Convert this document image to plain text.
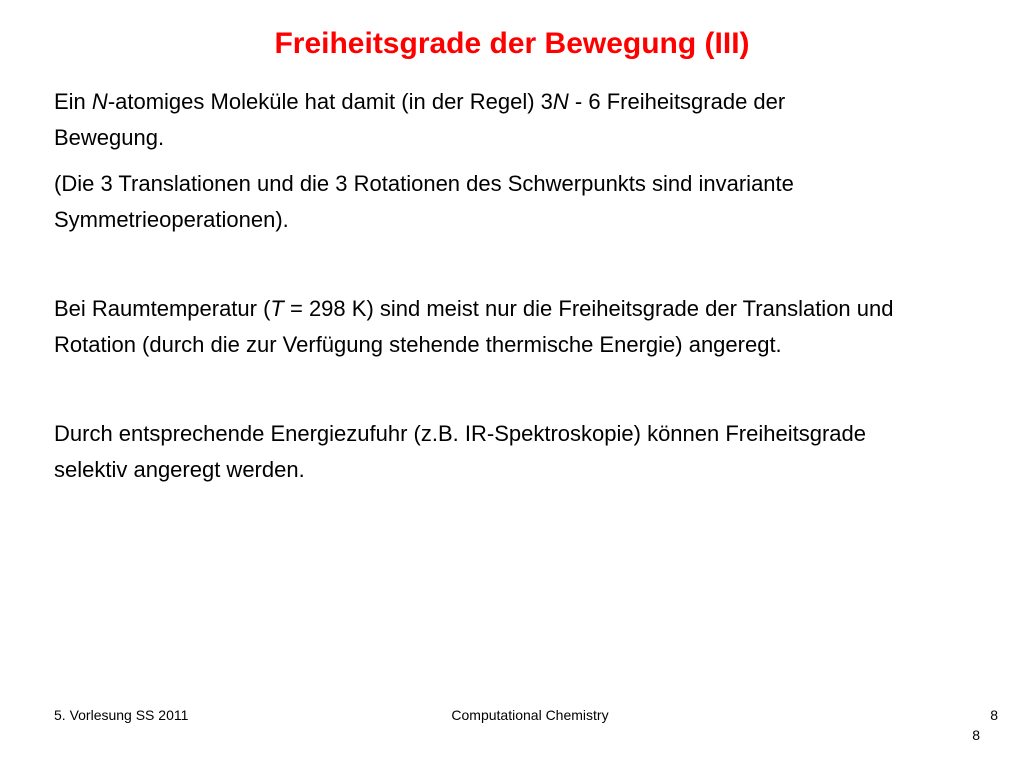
Freiheitsgrade der Bewegung (III)

Ein N-atomiges Moleküle hat damit (in der Regel) 3N - 6 Freiheitsgrade der Bewegung.

(Die 3 Translationen und die 3 Rotationen des Schwerpunkts sind invariante Symmetrieoperationen).

Bei Raumtemperatur (T = 298 K) sind meist nur die Freiheitsgrade der Translation und Rotation (durch die zur Verfügung stehende thermische Energie) angeregt.

Durch entsprechende Energiezufuhr (z.B. IR-Spektroskopie) können Freiheitsgrade selektiv angeregt werden.

5. Vorlesung SS 2011	Computational Chemistry	8
8
